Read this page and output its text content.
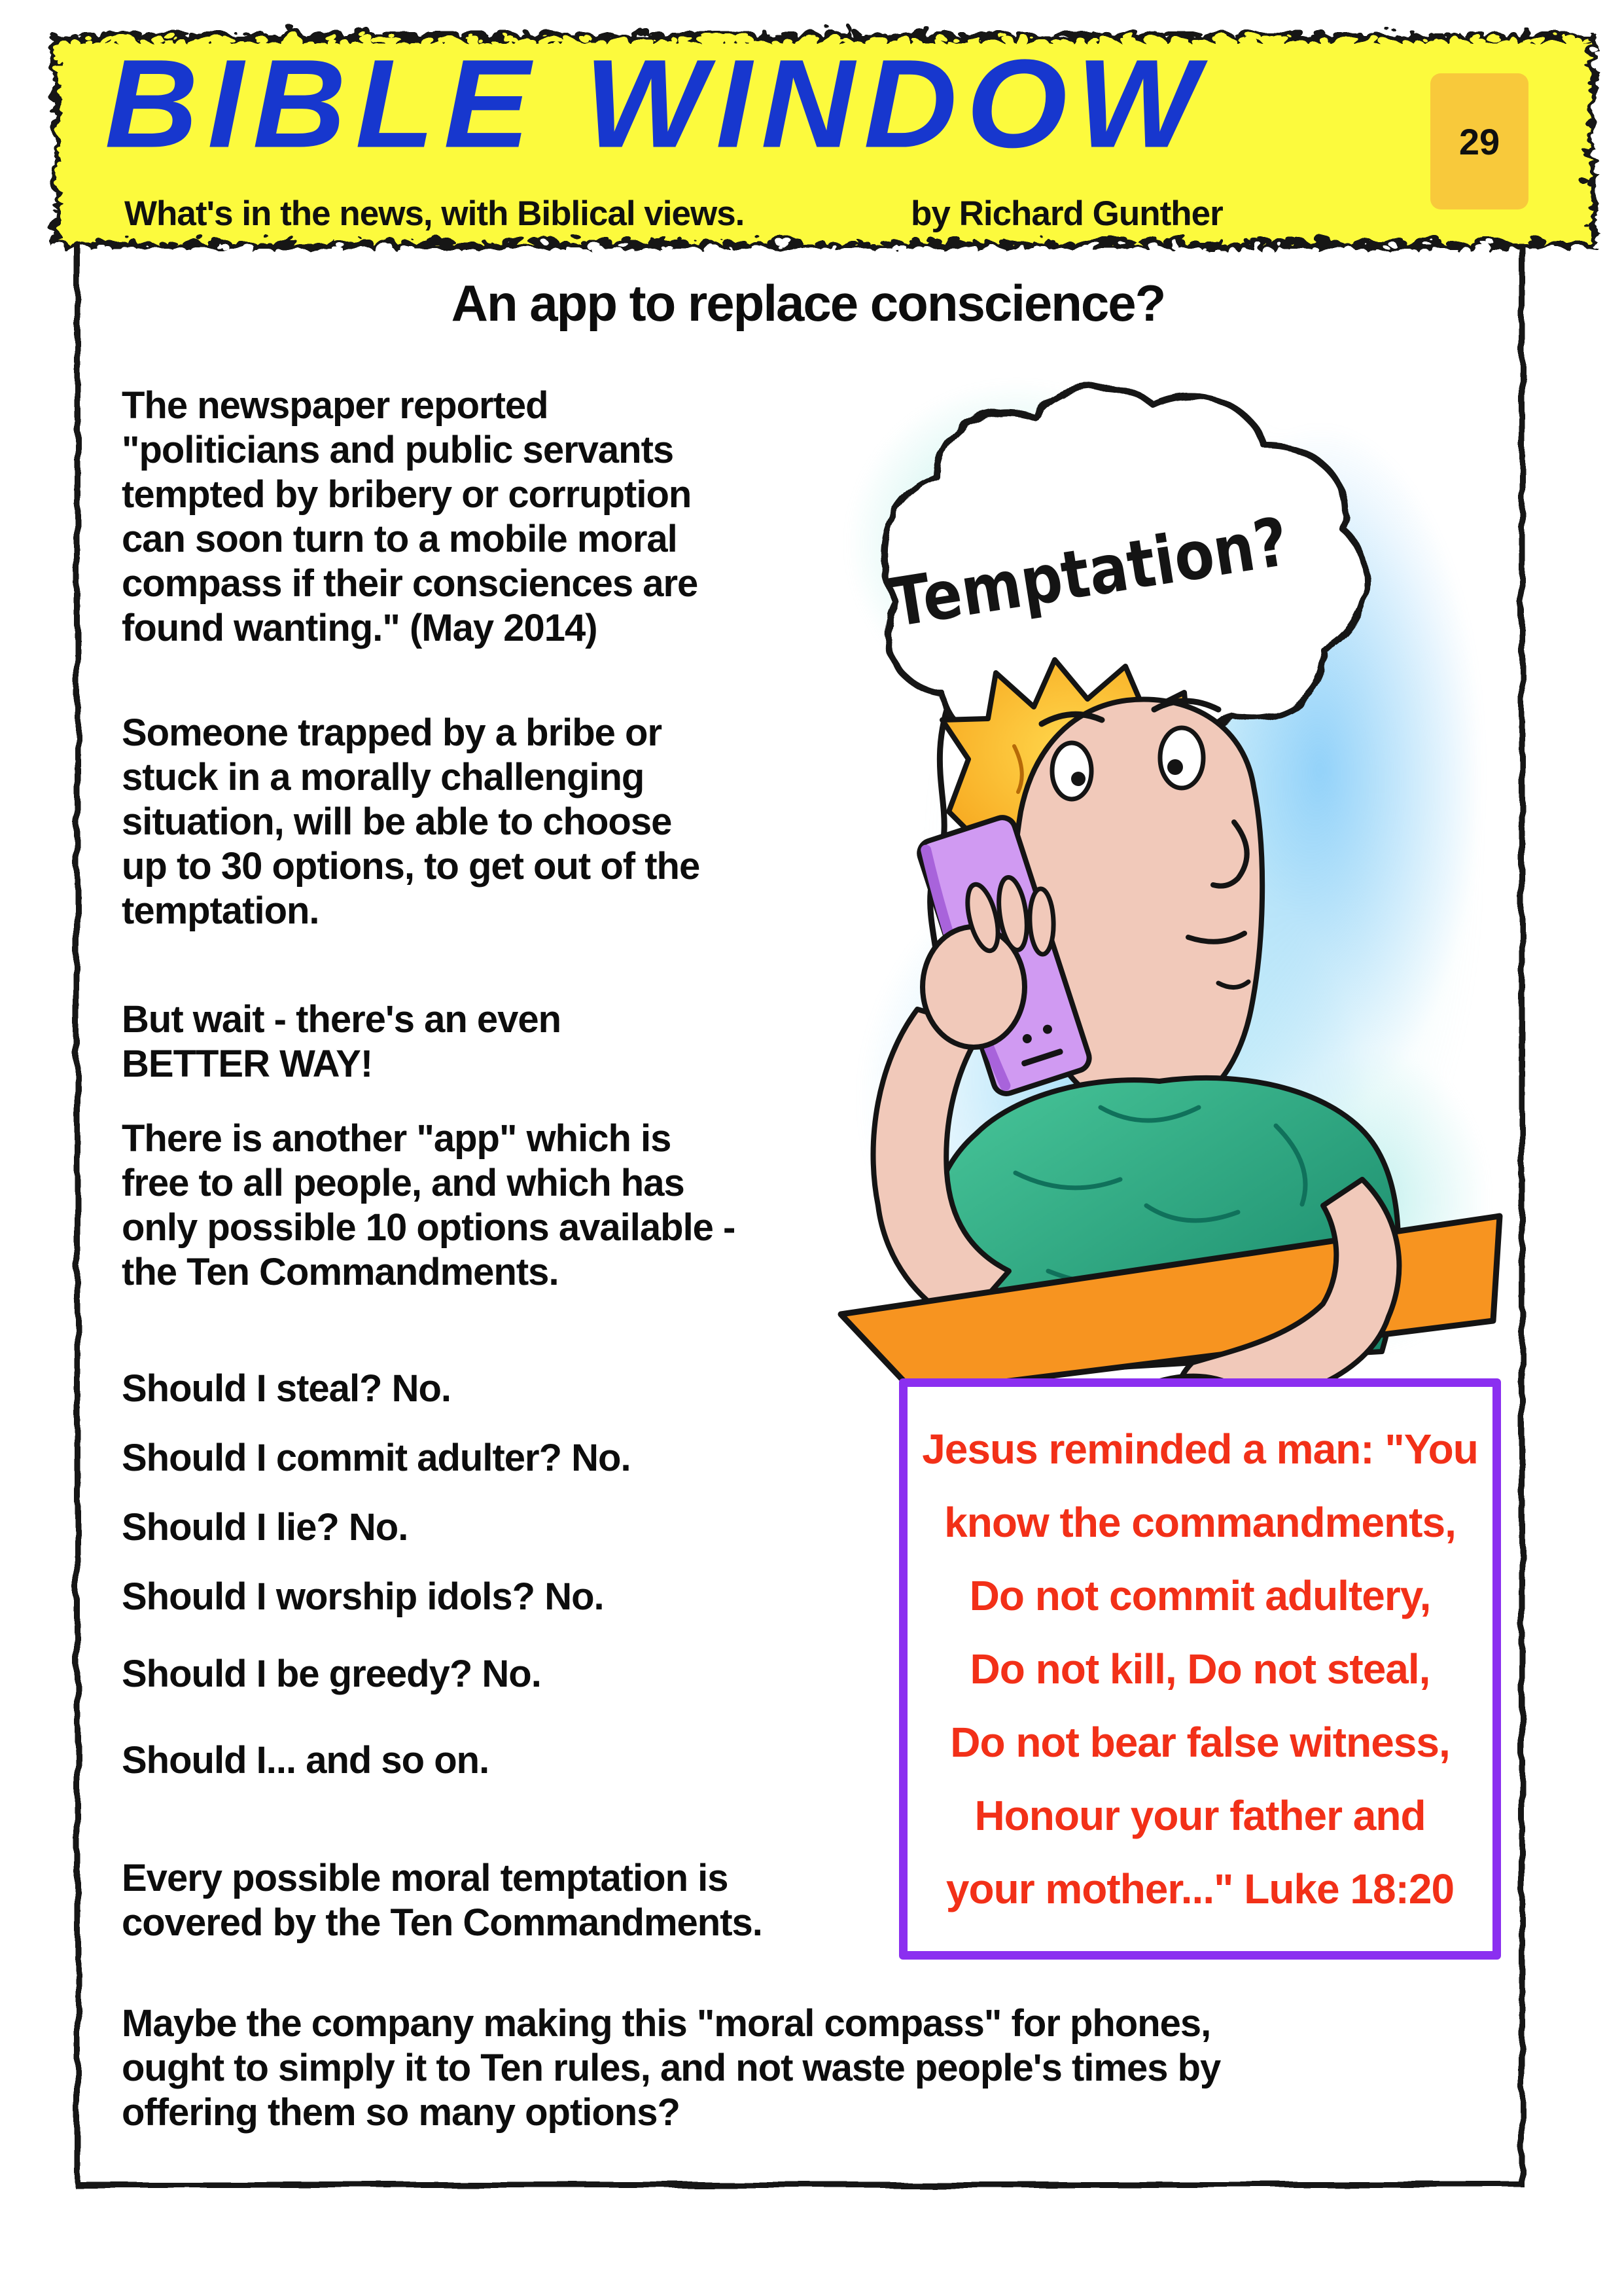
Temptation?
BIBLE WINDOW
What's in the news, with Biblical views.	by Richard Gunther
29
An app to replace conscience?
The newspaper reported
"politicians and public servants
tempted by bribery or corruption
can soon turn to a mobile moral
compass if their consciences are
found wanting." (May 2014)
Someone trapped by a bribe or
stuck in a morally challenging
situation, will be able to choose
up to 30 options, to get out of the
temptation.
But wait - there's an even
BETTER WAY!
There is another "app" which is
free to all people, and which has
only possible 10 options available -
the Ten Commandments.
Should I steal? No.
Should I commit adulter? No.
Should I lie? No.
Should I worship idols? No.
Should I be greedy? No.
Should I... and so on.
Every possible moral temptation is
covered by the Ten Commandments.
Maybe the company making this "moral compass" for phones,
ought to simply it to Ten rules, and not waste people's times by
offering them so many options?
Jesus reminded a man: "You
know the commandments,
Do not commit adultery,
Do not kill, Do not steal,
Do not bear false witness,
Honour your father and
your mother..." Luke 18:20
